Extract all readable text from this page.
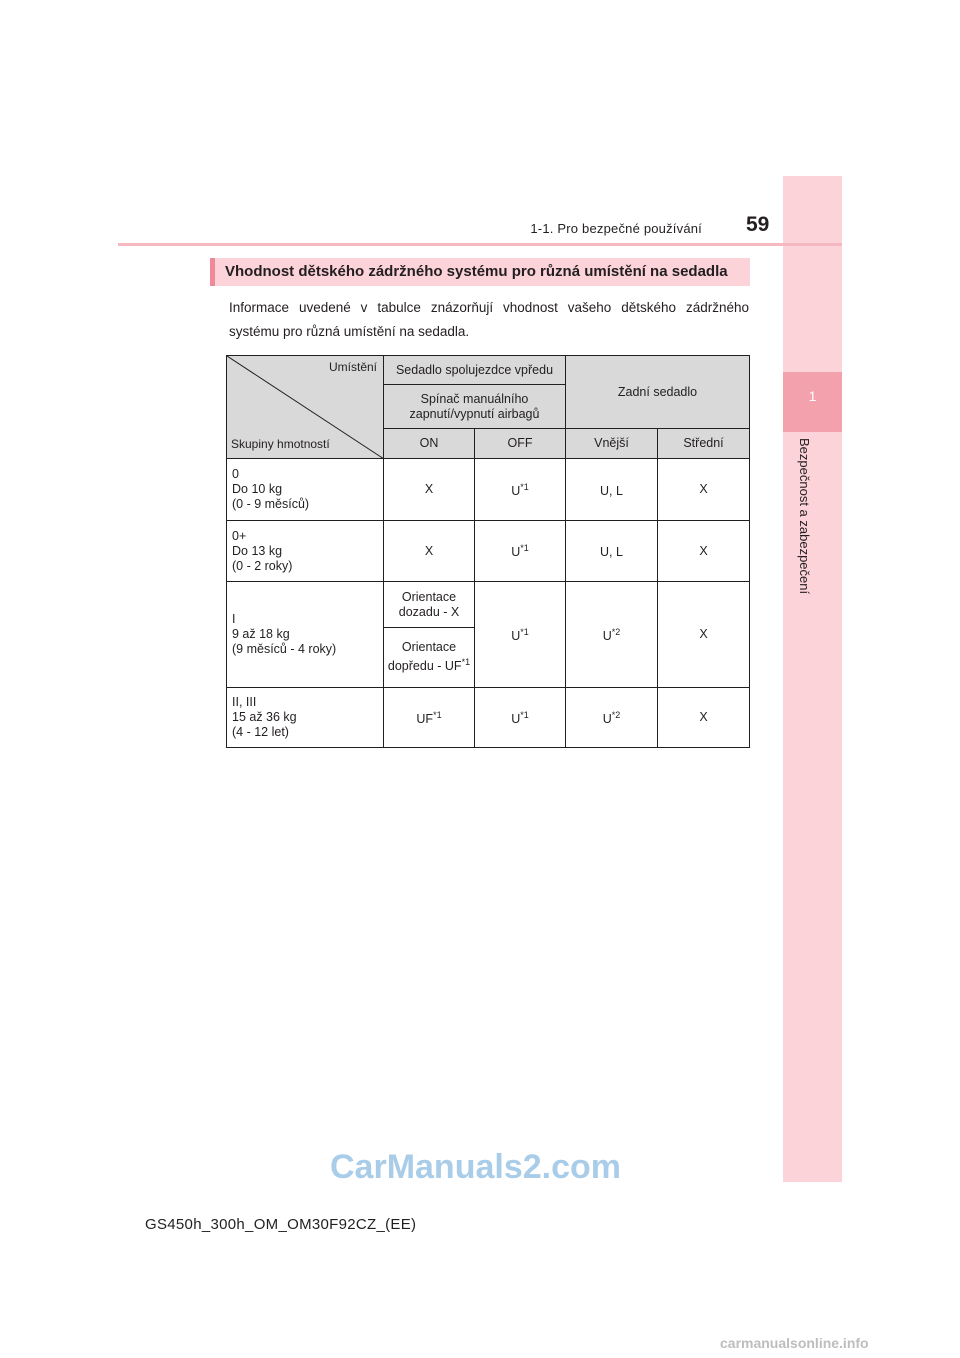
1
Bezpečnost a zabezpečení
1-1. Pro bezpečné používání 59
Vhodnost dětského zádržného systému pro různá umístění na sedadla
Informace uvedené v tabulce znázorňují vhodnost vašeho dětského zádržného systému pro různá umístění na sedadla.
Umístění
Skupiny hmotností	Sedadlo spolujezdce vpředu		Zadní sedadlo	
	Spínač manuálního zapnutí/vypnutí airbagů			
	ON	OFF	Vnější	Střední
0
Do 10 kg
(0 - 9 měsíců)	X	$U^{*1}$	U, L	X
0+
Do 13 kg
(0 - 2 roky)	X	$U^{*1}$	U, L	X
I
9 až 18 kg
(9 měsíců - 4 roky)	Orientace dozadu - X	$U^{*1}$	$U^{*2}$	X
	Orientace dopředu - UF$^{*1}$
II, III
15 až 36 kg
(4 - 12 let)	UF$^{*1}$	$U^{*1}$	$U^{*2}$	X
CarManuals2.com
GS450h_300h_OM_OM30F92CZ_(EE)
carmanualsonline.info
